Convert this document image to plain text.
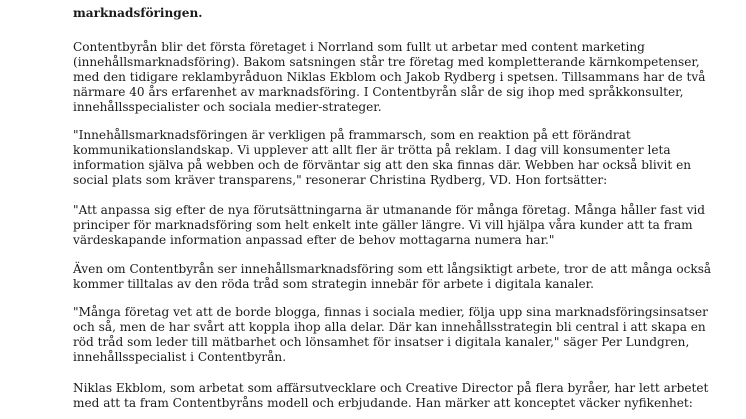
marknadsföringen.
Contentbyrån blir det första företaget i Norrland som fullt ut arbetar med content marketing
(innehållsmarknadsföring). Bakom satsningen står tre företag med kompletterande kärnkompetenser,
med den tidigare reklambyråduon Niklas Ekblom och Jakob Rydberg i spetsen. Tillsammans har de två
närmare 40 års erfarenhet av marknadsföring. I Contentbyrån slår de sig ihop med språkkonsulter,
innehållsspecialister och sociala medier-strateger.
"Innehållsmarknadsföringen är verkligen på frammarsch, som en reaktion på ett förändrat
kommunikationslandskap. Vi upplever att allt fler är trötta på reklam. I dag vill konsumenter leta
information själva på webben och de förväntar sig att den ska finnas där. Webben har också blivit en
social plats som kräver transparens," resonerar Christina Rydberg, VD. Hon fortsätter:
"Att anpassa sig efter de nya förutsättningarna är utmanande för många företag. Många håller fast vid
principer för marknadsföring som helt enkelt inte gäller längre. Vi vill hjälpa våra kunder att ta fram
värdeskapande information anpassad efter de behov mottagarna numera har."
Även om Contentbyrån ser innehållsmarknadsföring som ett långsiktigt arbete, tror de att många också
kommer tilltalas av den röda tråd som strategin innebär för arbete i digitala kanaler.
"Många företag vet att de borde blogga, finnas i sociala medier, följa upp sina marknadsföringsinsatser
och så, men de har svårt att koppla ihop alla delar. Där kan innehållsstrategin bli central i att skapa en
röd tråd som leder till mätbarhet och lönsamhet för insatser i digitala kanaler," säger Per Lundgren,
innehållsspecialist i Contentbyrån.
Niklas Ekblom, som arbetat som affärsutvecklare och Creative Director på flera byråer, har lett arbetet
med att ta fram Contentbyråns modell och erbjudande. Han märker att konceptet väcker nyfikenhet:
